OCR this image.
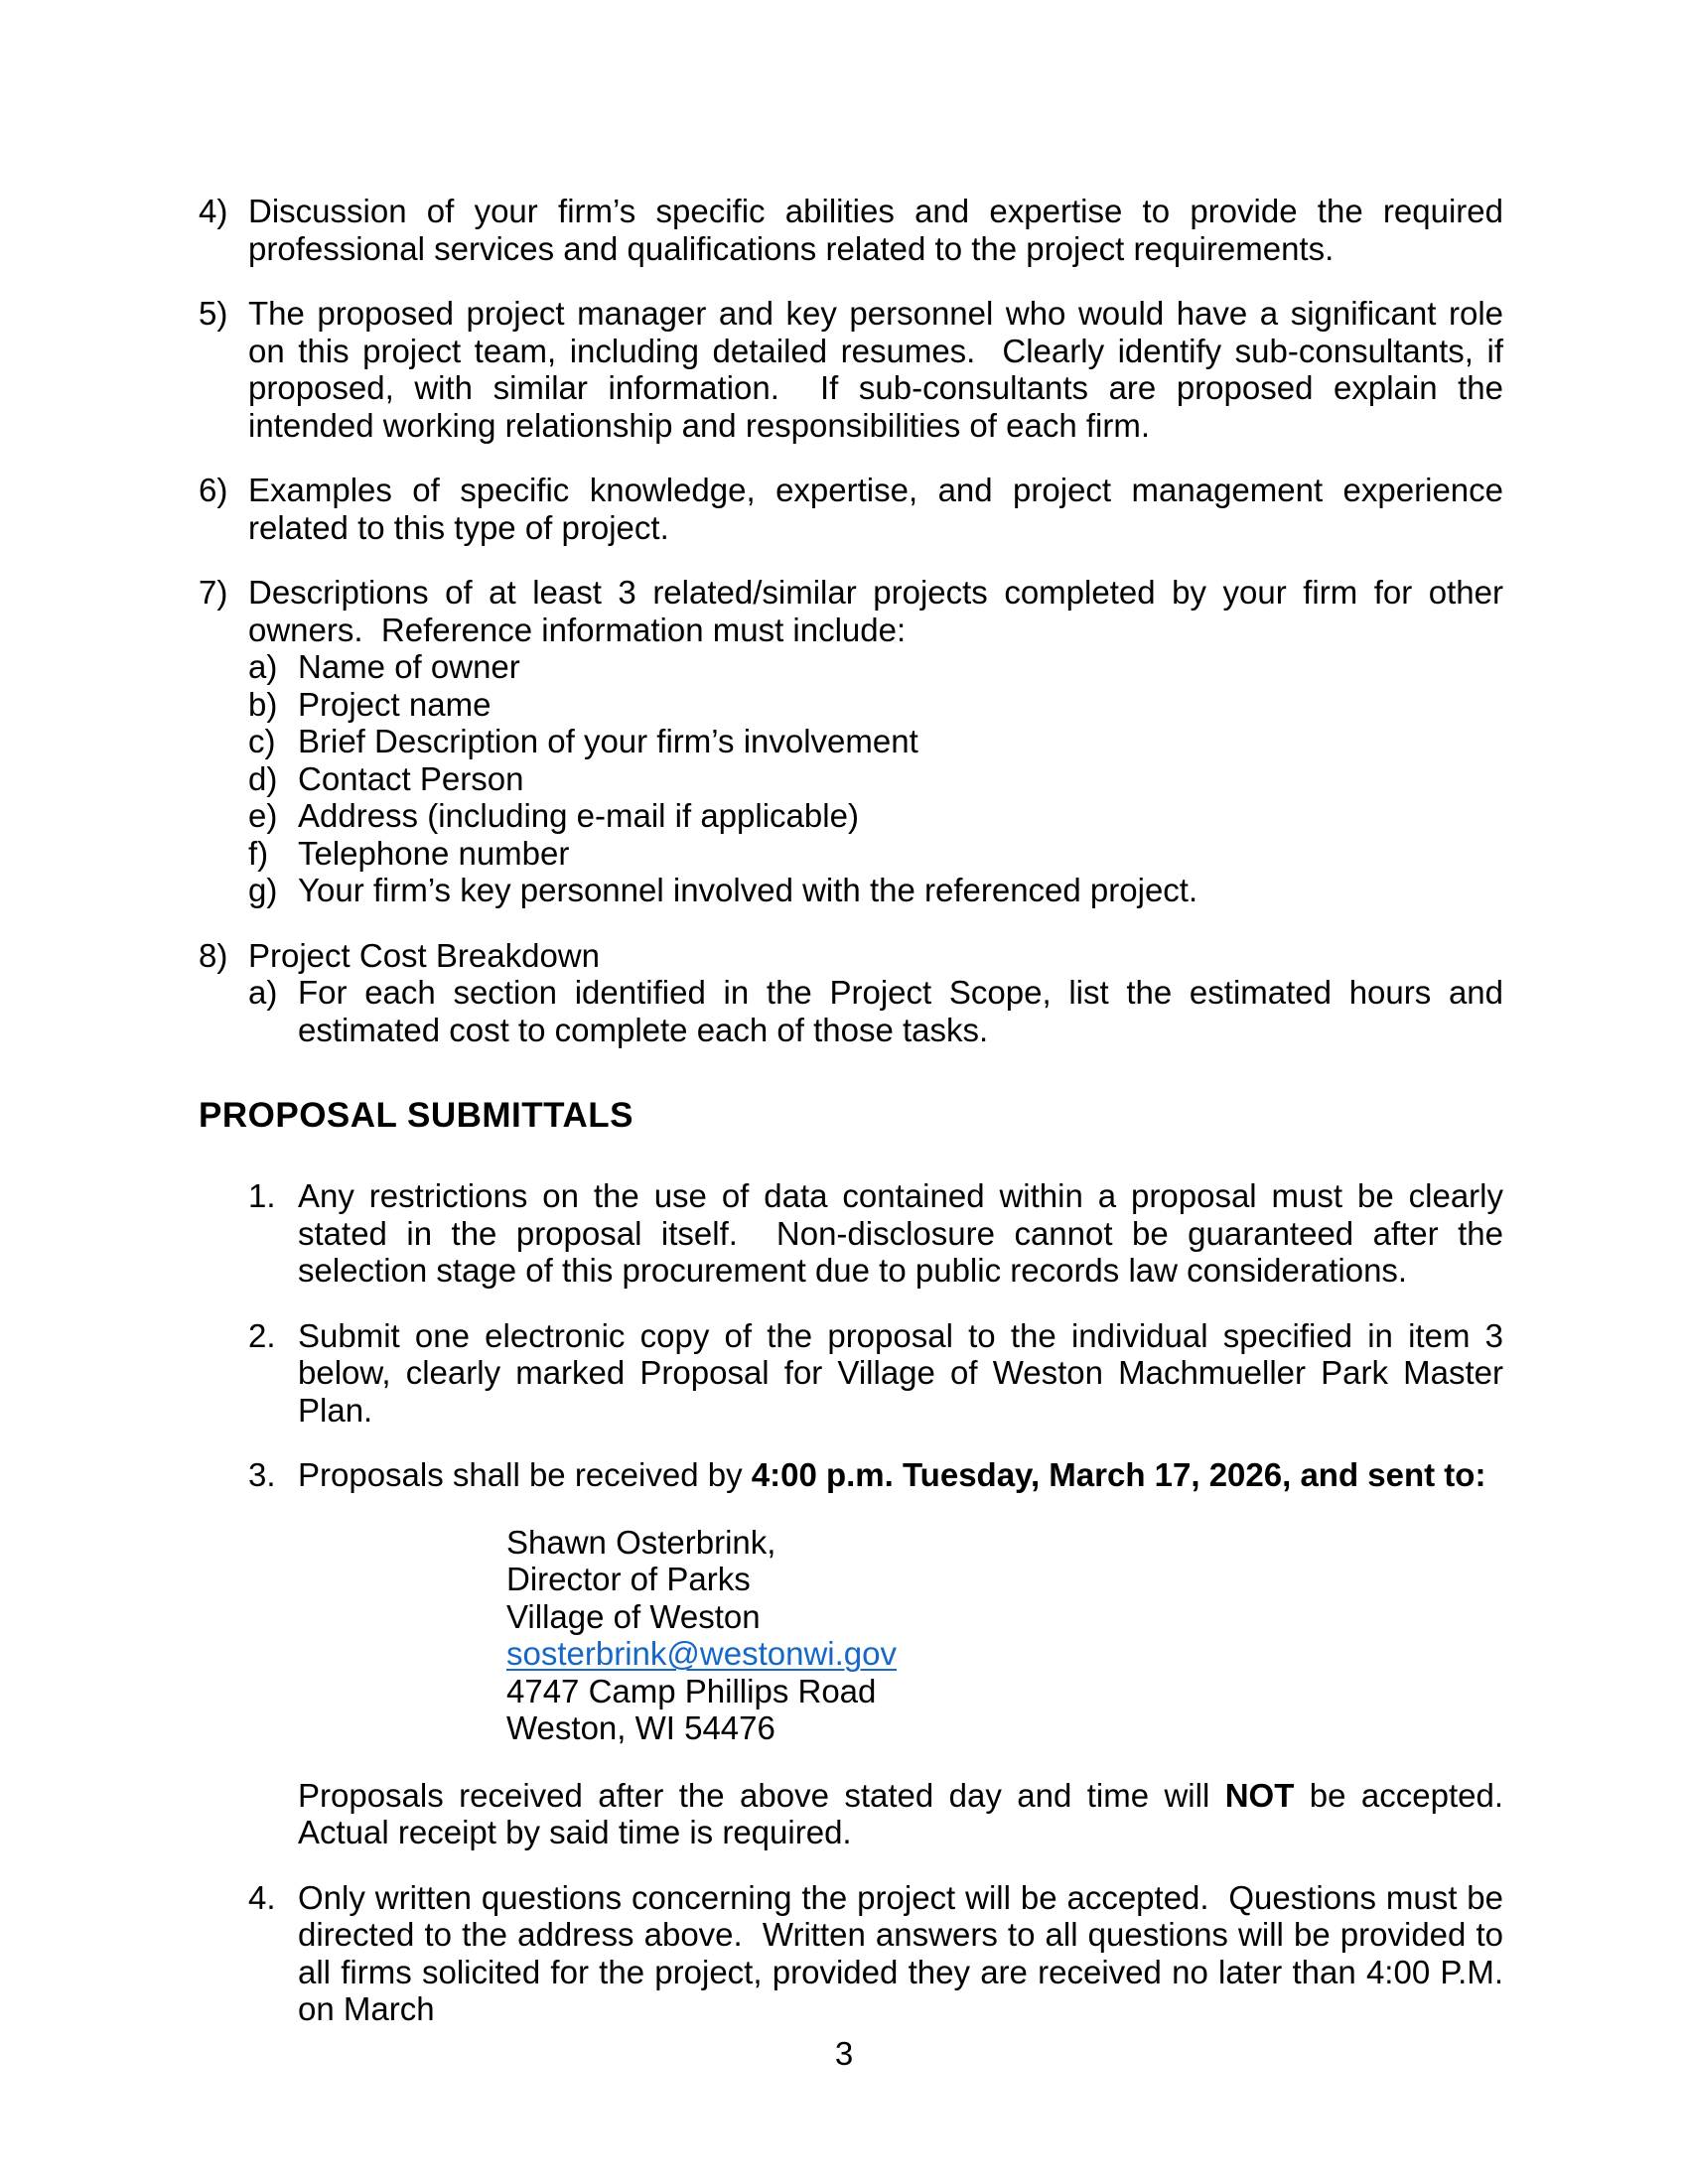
4) Discussion of your firm’s specific abilities and expertise to provide the required professional services and qualifications related to the project requirements.
5) The proposed project manager and key personnel who would have a significant role on this project team, including detailed resumes.  Clearly identify sub-consultants, if proposed, with similar information.  If sub-consultants are proposed explain the intended working relationship and responsibilities of each firm.
6) Examples of specific knowledge, expertise, and project management experience related to this type of project.
7) Descriptions of at least 3 related/similar projects completed by your firm for other owners.  Reference information must include:
a) Name of owner
b) Project name
c) Brief Description of your firm’s involvement
d) Contact Person
e) Address (including e-mail if applicable)
f) Telephone number
g) Your firm’s key personnel involved with the referenced project.
8) Project Cost Breakdown
a) For each section identified in the Project Scope, list the estimated hours and estimated cost to complete each of those tasks.
PROPOSAL SUBMITTALS
1. Any restrictions on the use of data contained within a proposal must be clearly stated in the proposal itself.  Non-disclosure cannot be guaranteed after the selection stage of this procurement due to public records law considerations.
2. Submit one electronic copy of the proposal to the individual specified in item 3 below, clearly marked Proposal for Village of Weston Machmueller Park Master Plan.
3. Proposals shall be received by 4:00 p.m. Tuesday, March 17, 2026, and sent to:
Shawn Osterbrink,
Director of Parks
Village of Weston
sosterbrink@westonwi.gov
4747 Camp Phillips Road
Weston, WI 54476
Proposals received after the above stated day and time will NOT be accepted.  Actual receipt by said time is required.
4. Only written questions concerning the project will be accepted.  Questions must be directed to the address above.  Written answers to all questions will be provided to all firms solicited for the project, provided they are received no later than 4:00 P.M. on March
3
